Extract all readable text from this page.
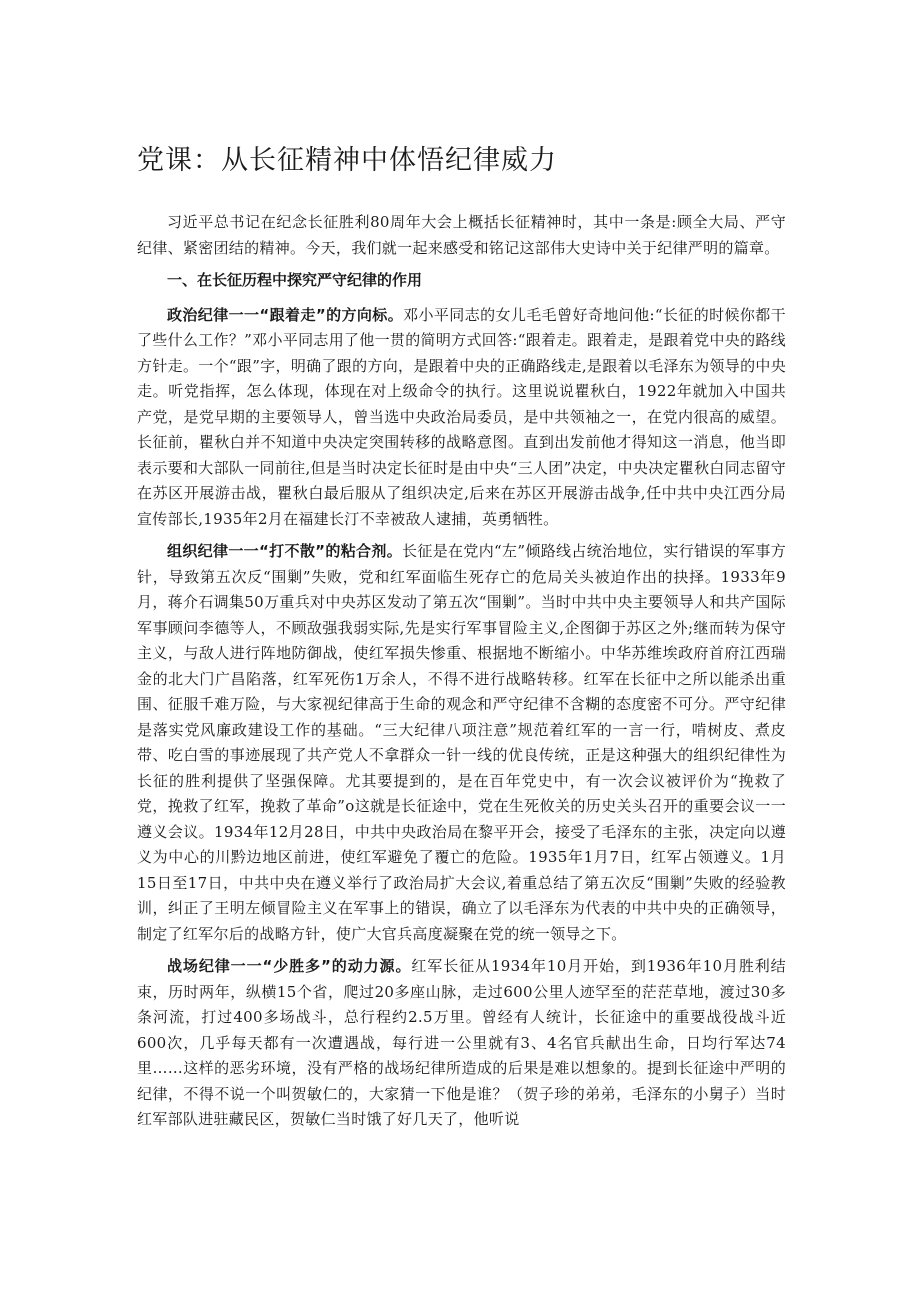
党课：从长征精神中体悟纪律威力

习近平总书记在纪念长征胜利80周年大会上概括长征精神时，其中一条是:顾全大局、严守纪律、紧密团结的精神。今天，我们就一起来感受和铭记这部伟大史诗中关于纪律严明的篇章。

一、在长征历程中探究严守纪律的作用

政治纪律一一“跟着走”的方向标。邓小平同志的女儿毛毛曾好奇地问他:“长征的时候你都干了些什么工作？”邓小平同志用了他一贯的简明方式回答:“跟着走。跟着走，是跟着党中央的路线方针走。一个“跟”字，明确了跟的方向，是跟着中央的正确路线走,是跟着以毛泽东为领导的中央走。听党指挥，怎么体现，体现在对上级命令的执行。这里说说瞿秋白，1922年就加入中国共产党，是党早期的主要领导人，曾当选中央政治局委员，是中共领袖之一，在党内很高的威望。长征前，瞿秋白并不知道中央决定突围转移的战略意图。直到出发前他才得知这一消息，他当即表示要和大部队一同前往,但是当时决定长征时是由中央“三人团”决定，中央决定瞿秋白同志留守在苏区开展游击战，瞿秋白最后服从了组织决定,后来在苏区开展游击战争,任中共中央江西分局宣传部长,1935年2月在福建长汀不幸被敌人逮捕，英勇牺牲。

组织纪律一一“打不散”的粘合剂。长征是在党内“左”倾路线占统治地位，实行错误的军事方针，导致第五次反“围剿”失败，党和红军面临生死存亡的危局关头被迫作出的抉择。1933年9月，蒋介石调集50万重兵对中央苏区发动了第五次“围剿”。当时中共中央主要领导人和共产国际军事顾问李德等人，不顾敌强我弱实际,先是实行军事冒险主义,企图御于苏区之外;继而转为保守主义，与敌人进行阵地防御战，使红军损失惨重、根据地不断缩小。中华苏维埃政府首府江西瑞金的北大门广昌陷落，红军死伤1万余人，不得不进行战略转移。红军在长征中之所以能杀出重围、征服千难万险，与大家视纪律高于生命的观念和严守纪律不含糊的态度密不可分。严守纪律是落实党风廉政建设工作的基础。“三大纪律八项注意”规范着红军的一言一行，啃树皮、煮皮带、吃白雪的事迹展现了共产党人不拿群众一针一线的优良传统，正是这种强大的组织纪律性为长征的胜利提供了坚强保障。尤其要提到的，是在百年党史中，有一次会议被评价为“挽救了党，挽救了红军，挽救了革命”o这就是长征途中，党在生死攸关的历史关头召开的重要会议一一遵义会议。1934年12月28日，中共中央政治局在黎平开会，接受了毛泽东的主张，决定向以遵义为中心的川黔边地区前进，使红军避免了覆亡的危险。1935年1月7日，红军占领遵义。1月15日至17日，中共中央在遵义举行了政治局扩大会议,着重总结了第五次反“围剿”失败的经验教训，纠正了王明左倾冒险主义在军事上的错误，确立了以毛泽东为代表的中共中央的正确领导，制定了红军尔后的战略方针，使广大官兵高度凝聚在党的统一领导之下。

战场纪律一一“少胜多”的动力源。红军长征从1934年10月开始，到1936年10月胜利结束，历时两年，纵横15个省，爬过20多座山脉，走过600公里人迹罕至的茫茫草地，渡过30多条河流，打过400多场战斗，总行程约2.5万里。曾经有人统计，长征途中的重要战役战斗近600次，几乎每天都有一次遭遇战，每行进一公里就有3、4名官兵献出生命，日均行军达74里……这样的恶劣环境，没有严格的战场纪律所造成的后果是难以想象的。提到长征途中严明的纪律，不得不说一个叫贺敏仁的，大家猜一下他是谁？（贺子珍的弟弟，毛泽东的小舅子）当时红军部队进驻藏民区，贺敏仁当时饿了好几天了，他听说
